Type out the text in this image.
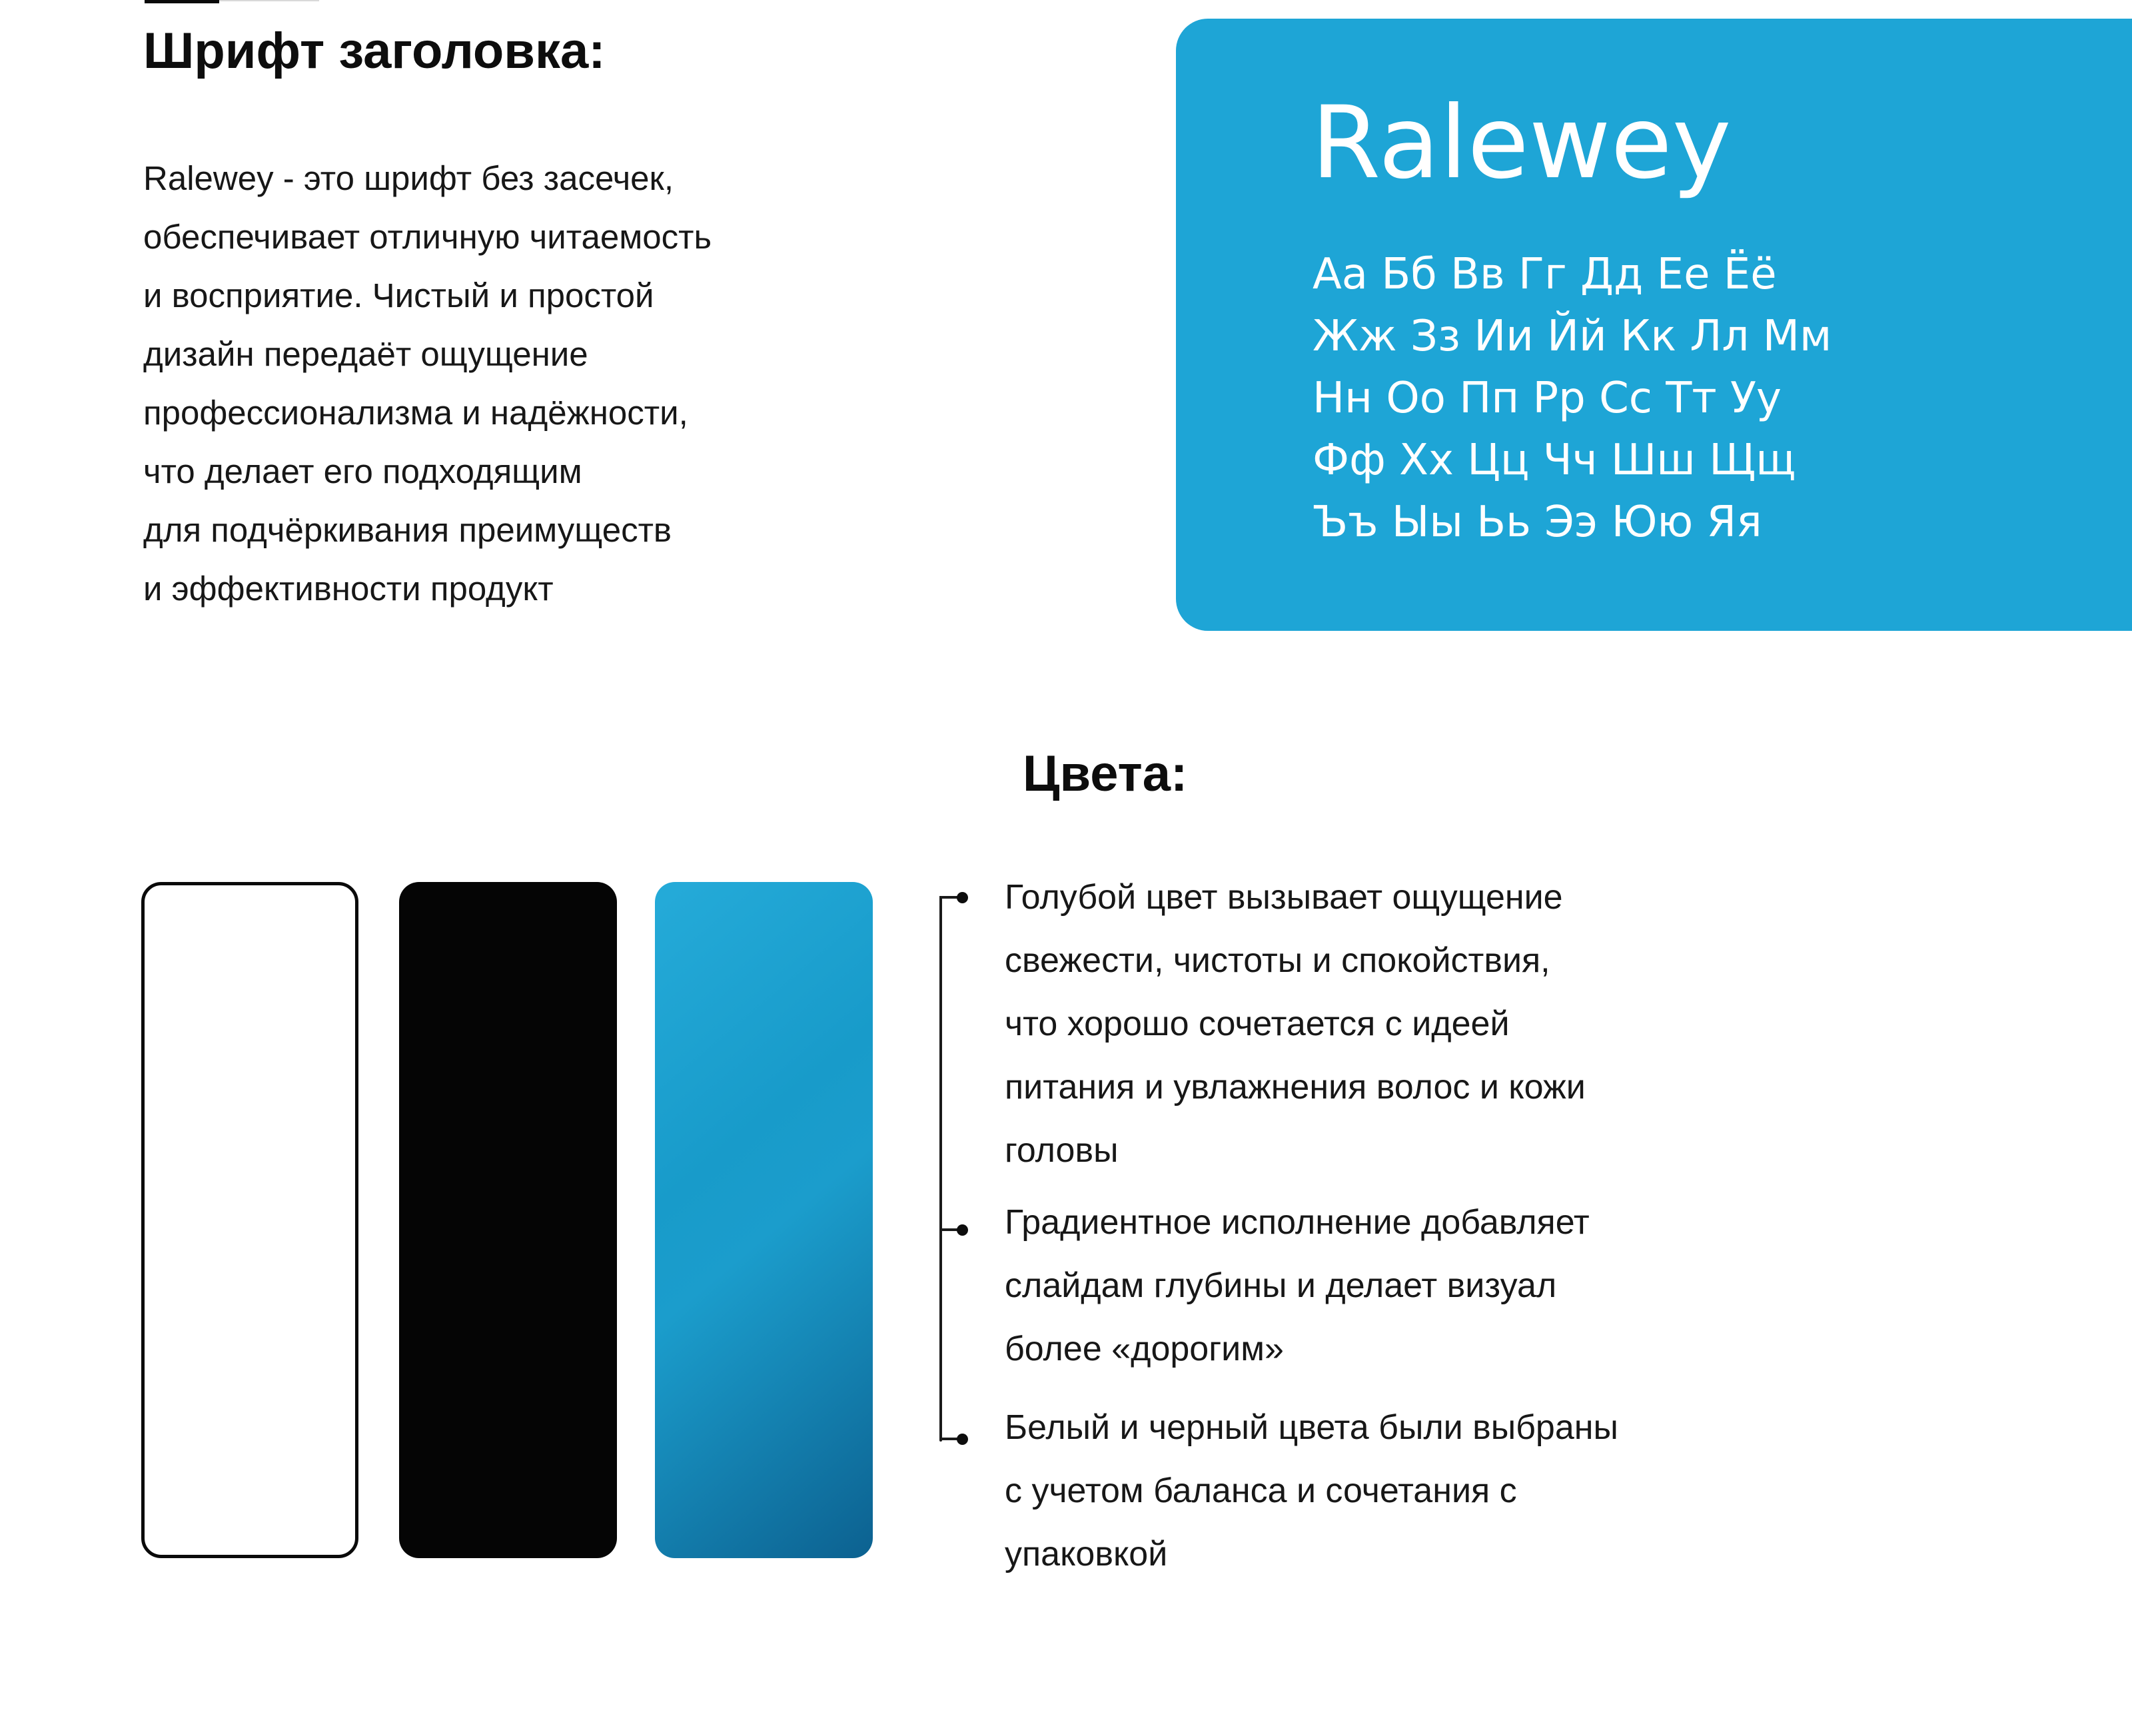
Шрифт заголовка:
Ralewey - это шрифт без засечек,
обеспечивает отличную читаемость
и восприятие. Чистый и простой
дизайн передаёт ощущение
профессионализма и надёжности,
что делает его подходящим
для подчёркивания преимуществ
и эффективности продукт
Ralewey
Аа Бб Вв Гг Дд Ее Ёё
Жж Зз Ии Йй Кк Лл Мм
Нн Оо Пп Рр Сс Тт Уу
Фф Хх Цц Чч Шш Щщ
Ъъ Ыы Ьь Ээ Юю Яя
Цвета:
Голубой цвет вызывает ощущение
свежести, чистоты и спокойствия,
что хорошо сочетается с идеей
питания и увлажнения волос и кожи
головы
Градиентное исполнение добавляет
слайдам глубины и делает визуал
более «дорогим»
Белый и черный цвета были выбраны
с учетом баланса и сочетания с
упаковкой
